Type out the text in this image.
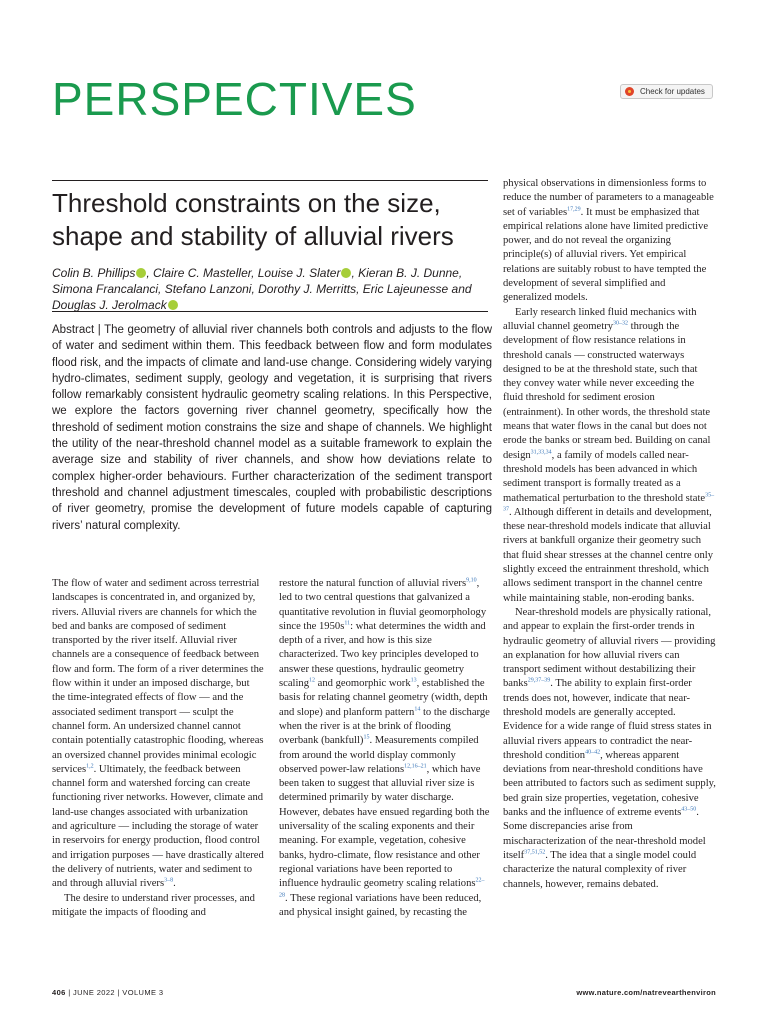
PERSPECTIVES	Check for updates
Threshold constraints on the size, shape and stability of alluvial rivers
Colin B. Phillips , Claire C. Masteller, Louise J. Slater , Kieran B. J. Dunne, Simona Francalanci, Stefano Lanzoni, Dorothy J. Merritts, Eric Lajeunesse and Douglas J. Jerolmack
Abstract | The geometry of alluvial river channels both controls and adjusts to the flow of water and sediment within them. This feedback between flow and form modulates flood risk, and the impacts of climate and land-use change. Considering widely varying hydro-climates, sediment supply, geology and vegetation, it is surprising that rivers follow remarkably consistent hydraulic geometry scaling relations. In this Perspective, we explore the factors governing river channel geometry, specifically how the threshold of sediment motion constrains the size and shape of channels. We highlight the utility of the near-threshold channel model as a suitable framework to explain the average size and stability of river channels, and show how deviations relate to complex higher-order behaviours. Further characterization of the sediment transport threshold and channel adjustment timescales, coupled with probabilistic descriptions of river geometry, promise the development of future models capable of capturing rivers’ natural complexity.

The flow of water and sediment across terrestrial landscapes is concentrated in, and organized by, rivers. Alluvial rivers are channels for which the bed and banks are composed of sediment transported by the river itself. Alluvial river channels are a consequence of feedback between flow and form. The form of a river determines the flow within it under an imposed discharge, but the time-integrated effects of flow — and the associated sediment transport — sculpt the channel form. An undersized channel cannot contain potentially catastrophic flooding, whereas an oversized channel provides minimal ecologic services$^{1,2}$. Ultimately, the feedback between channel form and watershed forcing can create functioning river networks. However, climate and land-use changes associated with urbanization and agriculture — including the storage of water in reservoirs for energy production, flood control and irrigation purposes — have drastically altered the delivery of nutrients, water and sediment to and through alluvial rivers$^{3-8}$.

The desire to understand river processes, and mitigate the impacts of flooding and

restore the natural function of alluvial rivers$^{9,10}$, led to two central questions that galvanized a quantitative revolution in fluvial geomorphology since the $1950s^{11}$: what determines the width and depth of a river, and how is this size characterized. Two key principles developed to answer these questions, hydraulic geometry scaling$^{12}$ and geomorphic work$^{13}$, established the basis for relating channel geometry (width, depth and slope) and planform pattern$^{14}$ to the discharge when the river is at the brink of flooding overbank (bankfull)$^{15}$. Measurements compiled from around the world display commonly observed power-law relations$^{12,16-21}$, which have been taken to suggest that alluvial river size is determined primarily by water discharge. However, debates have ensued regarding both the universality of the scaling exponents and their meaning. For example, vegetation, cohesive banks, hydro-climate, flow resistance and other regional variations have been reported to influence hydraulic geometry scaling relations$^{22-28}$. These regional variations have been reduced, and physical insight gained, by recasting the

physical observations in dimensionless forms to reduce the number of parameters to a manageable set of variables$^{17,29}$. It must be emphasized that empirical relations alone have limited predictive power, and do not reveal the organizing principle(s) of alluvial rivers. Yet empirical relations are suitably robust to have tempted the development of several simplified and generalized models.

Early research linked fluid mechanics with alluvial channel geometry$^{30-32}$ through the development of flow resistance relations in threshold canals — constructed waterways designed to be at the threshold state, such that they convey water while never exceeding the fluid threshold for sediment erosion (entrainment). In other words, the threshold state means that water flows in the canal but does not erode the banks or stream bed. Building on canal design$^{31,33,34}$, a family of models called near-threshold models has been advanced in which sediment transport is formally treated as a mathematical perturbation to the threshold state$^{35-37}$. Although different in details and development, these near-threshold models indicate that alluvial rivers at bankfull organize their geometry such that fluid shear stresses at the channel centre only slightly exceed the entrainment threshold, which allows sediment transport in the channel centre while maintaining stable, non-eroding banks.

Near-threshold models are physically rational, and appear to explain the first-order trends in hydraulic geometry of alluvial rivers — providing an explanation for how alluvial rivers can transport sediment without destabilizing their banks$^{29,37-39}$. The ability to explain first-order trends does not, however, indicate that near-threshold models are generally accepted. Evidence for a wide range of fluid stress states in alluvial rivers appears to contradict the near-threshold condition$^{40-42}$, whereas apparent deviations from near-threshold conditions have been attributed to factors such as sediment supply, bed grain size properties, vegetation, cohesive banks and the influence of extreme events$^{43-50}$. Some discrepancies arise from mischaracterization of the near-threshold model itself$^{37,51,52}$. The idea that a single model could characterize the natural complexity of river channels, however, remains debated.

406 | JUNE 2022 | VOLUME 3	www.nature.com/natrevearthenviron
